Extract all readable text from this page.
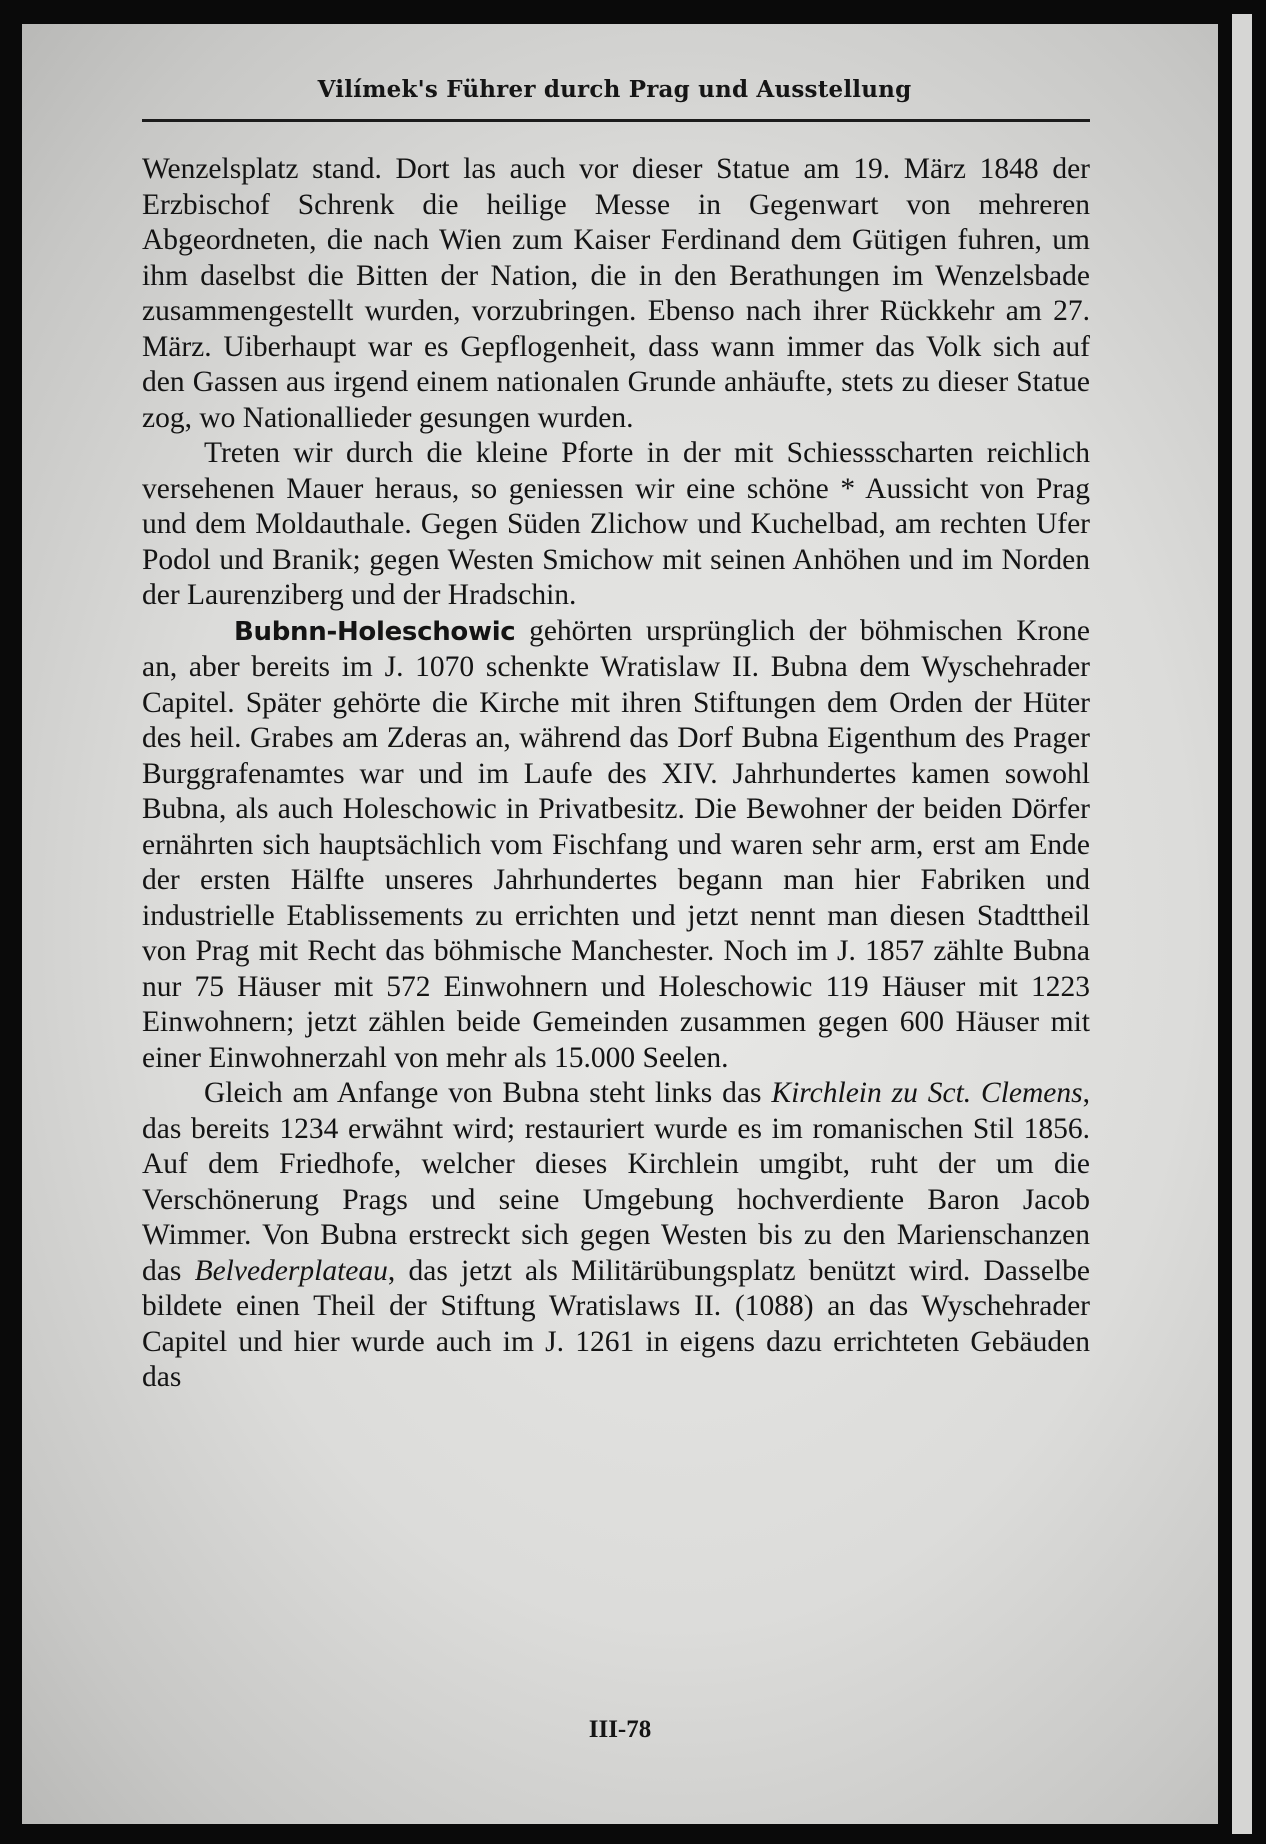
Vilímek's Führer durch Prag und Ausstellung

Wenzelsplatz stand. Dort las auch vor dieser Statue am 19. März 1848 der Erzbischof Schrenk die heilige Messe in Gegenwart von mehreren Abgeordneten, die nach Wien zum Kaiser Ferdinand dem Gütigen fuhren, um ihm daselbst die Bitten der Nation, die in den Berathungen im Wenzelsbade zusammengestellt wurden, vorzubringen. Ebenso nach ihrer Rückkehr am 27. März. Uiberhaupt war es Gepflogenheit, dass wann immer das Volk sich auf den Gassen aus irgend einem nationalen Grunde anhäufte, stets zu dieser Statue zog, wo Nationallieder gesungen wurden.

Treten wir durch die kleine Pforte in der mit Schiessscharten reichlich versehenen Mauer heraus, so geniessen wir eine schöne * Aussicht von Prag und dem Moldauthale. Gegen Süden Zlichow und Kuchelbad, am rechten Ufer Podol und Branik; gegen Westen Smichow mit seinen Anhöhen und im Norden der Laurenziberg und der Hradschin.

Bubnn-Holeschowic gehörten ursprünglich der böhmischen Krone an, aber bereits im J. 1070 schenkte Wratislaw II. Bubna dem Wyschehrader Capitel. Später gehörte die Kirche mit ihren Stiftungen dem Orden der Hüter des heil. Grabes am Zderas an, während das Dorf Bubna Eigenthum des Prager Burggrafenamtes war und im Laufe des XIV. Jahrhundertes kamen sowohl Bubna, als auch Holeschowic in Privatbesitz. Die Bewohner der beiden Dörfer ernährten sich hauptsächlich vom Fischfang und waren sehr arm, erst am Ende der ersten Hälfte unseres Jahrhundertes begann man hier Fabriken und industrielle Etablissements zu errichten und jetzt nennt man diesen Stadttheil von Prag mit Recht das böhmische Manchester. Noch im J. 1857 zählte Bubna nur 75 Häuser mit 572 Einwohnern und Holeschowic 119 Häuser mit 1223 Einwohnern; jetzt zählen beide Gemeinden zusammen gegen 600 Häuser mit einer Einwohnerzahl von mehr als 15.000 Seelen.

Gleich am Anfange von Bubna steht links das Kirchlein zu Sct. Clemens, das bereits 1234 erwähnt wird; restauriert wurde es im romanischen Stil 1856. Auf dem Friedhofe, welcher dieses Kirchlein umgibt, ruht der um die Verschönerung Prags und seine Umgebung hochverdiente Baron Jacob Wimmer. Von Bubna erstreckt sich gegen Westen bis zu den Marienschanzen das Belvederplateau, das jetzt als Militärübungsplatz benützt wird. Dasselbe bildete einen Theil der Stiftung Wratislaws II. (1088) an das Wyschehrader Capitel und hier wurde auch im J. 1261 in eigens dazu errichteten Gebäuden das

III-78
